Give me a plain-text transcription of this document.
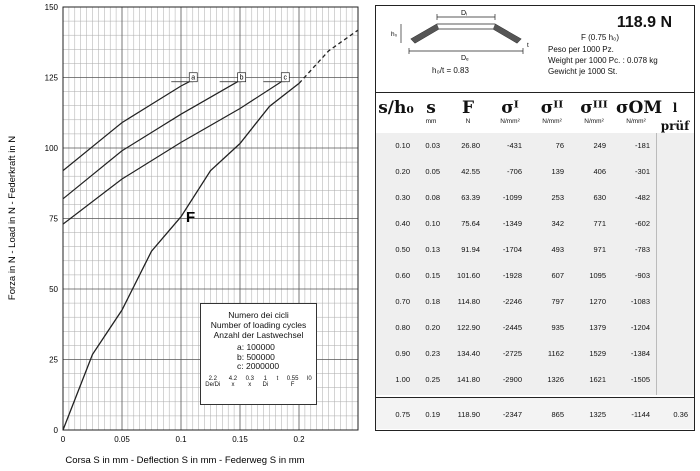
0
25
50
75
100
125
150
0	0.05	0.1	0.15	0.2
a	b	c
F
Corsa S in mm - Deflection S in mm - Federweg S in mm
Forza in N - Load in N - Federkraft in N
Numero dei cicli
Number of loading cycles
Anzahl der Lastwechsel
a: 100000
b: 500000
c: 2000000
2.2
De/Di
4.2
x
0.3
x
1
Di
t 0.55
F
l0
Dᵢ
Dₑ
h₀
t
h₀/t = 0.83
118.9 N
F (0.75 h₀)
Peso per 1000 Pz.
Weight per 1000 Pc. : 0.078 kg
Gewicht je 1000 St.
s/h₀ s
mm
F
N
σᴵ
N/mm²
σᴵᴵ
N/mm²
σᴵᴵᴵ
N/mm²
σOM
N/mm²
l prüf
0.10 0.03	26.80	-431	76	249	-181
0.20 0.05	42.55	-706	139	406	-301
0.30 0.08	63.39	-1099	253	630	-482
0.40 0.10	75.64	-1349	342	771	-602
0.50 0.13	91.94	-1704	493	971	-783
0.60 0.15 101.60	-1928	607	1095	-903
0.70 0.18 114.80	-2246	797	1270	-1083
0.80 0.20 122.90	-2445	935	1379	-1204
0.90 0.23 134.40	-2725	1162	1529	-1384
1.00 0.25 141.80	-2900	1326	1621	-1505
0.75 0.19 118.90	-2347	865	1325	-1144	0.36
